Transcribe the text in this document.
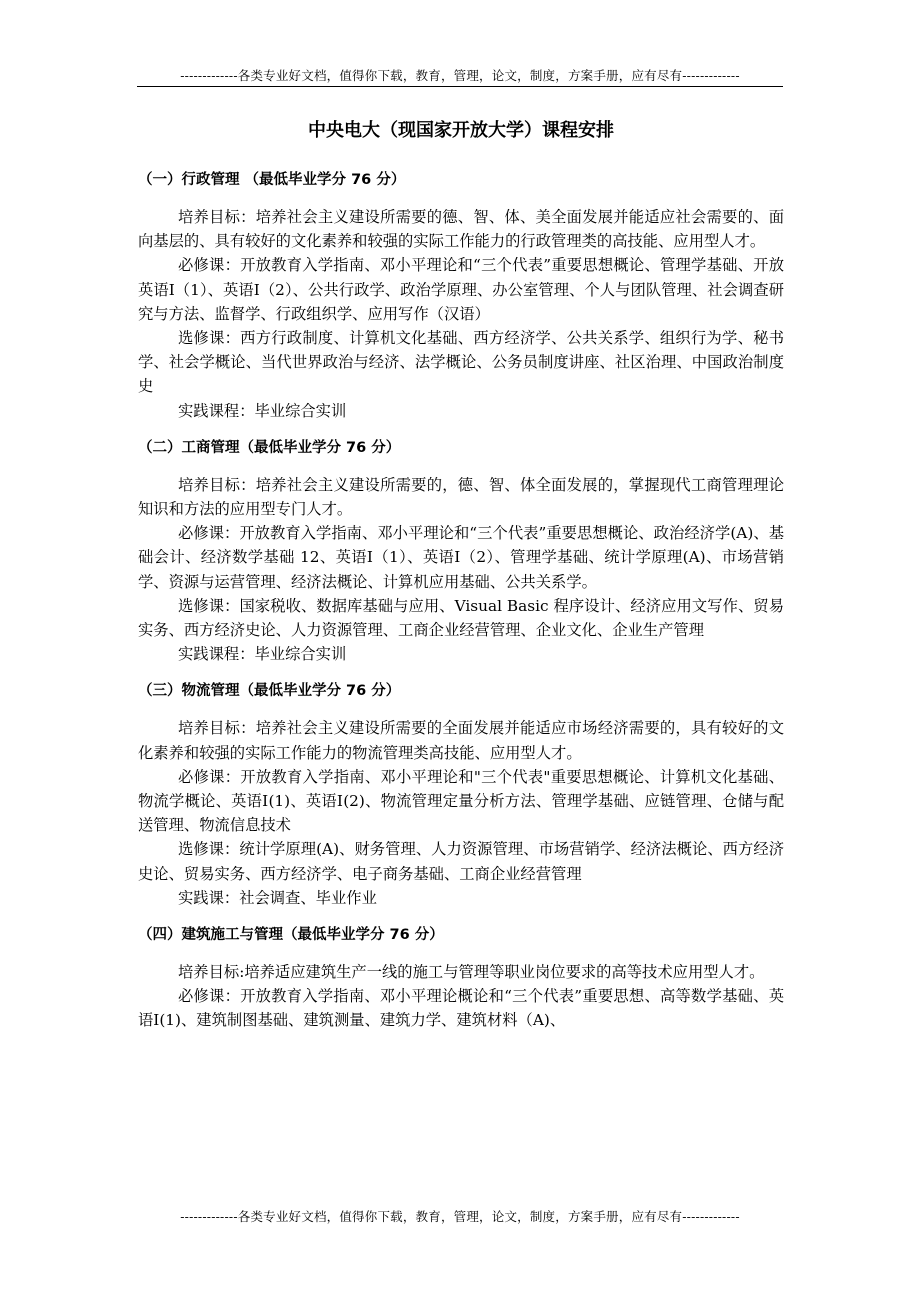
-------------各类专业好文档，值得你下载，教育，管理，论文，制度，方案手册，应有尽有-------------
中央电大（现国家开放大学）课程安排
（一）行政管理 （最低毕业学分 76 分）

培养目标：培养社会主义建设所需要的德、智、体、美全面发展并能适应社会需要的、面向基层的、具有较好的文化素养和较强的实际工作能力的行政管理类的高技能、应用型人才。

必修课：开放教育入学指南、邓小平理论和“三个代表”重要思想概论、管理学基础、开放英语Ⅰ（1）、英语Ⅰ（2）、公共行政学、政治学原理、办公室管理、个人与团队管理、社会调查研究与方法、监督学、行政组织学、应用写作（汉语）

选修课：西方行政制度、计算机文化基础、西方经济学、公共关系学、组织行为学、秘书学、社会学概论、当代世界政治与经济、法学概论、公务员制度讲座、社区治理、中国政治制度史

实践课程：毕业综合实训

（二）工商管理（最低毕业学分 76 分）

培养目标：培养社会主义建设所需要的，德、智、体全面发展的，掌握现代工商管理理论知识和方法的应用型专门人才。

必修课：开放教育入学指南、邓小平理论和“三个代表”重要思想概论、政治经济学(A)、基础会计、经济数学基础 12、英语Ⅰ（1）、英语Ⅰ（2）、管理学基础、统计学原理(A)、市场营销学、资源与运营管理、经济法概论、计算机应用基础、公共关系学。

选修课：国家税收、数据库基础与应用、Visual Basic 程序设计、经济应用文写作、贸易实务、西方经济史论、人力资源管理、工商企业经营管理、企业文化、企业生产管理

实践课程：毕业综合实训

（三）物流管理（最低毕业学分 76 分）

培养目标：培养社会主义建设所需要的全面发展并能适应市场经济需要的，具有较好的文化素养和较强的实际工作能力的物流管理类高技能、应用型人才。

必修课：开放教育入学指南、邓小平理论和"三个代表"重要思想概论、计算机文化基础、物流学概论、英语Ⅰ(1)、英语Ⅰ(2)、物流管理定量分析方法、管理学基础、应链管理、仓储与配送管理、物流信息技术

选修课：统计学原理(A)、财务管理、人力资源管理、市场营销学、经济法概论、西方经济史论、贸易实务、西方经济学、电子商务基础、工商企业经营管理

实践课：社会调查、毕业作业

（四）建筑施工与管理（最低毕业学分 76 分）

培养目标:培养适应建筑生产一线的施工与管理等职业岗位要求的高等技术应用型人才。

必修课：开放教育入学指南、邓小平理论概论和“三个代表”重要思想、高等数学基础、英语Ⅰ(1)、建筑制图基础、建筑测量、建筑力学、建筑材料（A)、

-------------各类专业好文档，值得你下载，教育，管理，论文，制度，方案手册，应有尽有-------------
